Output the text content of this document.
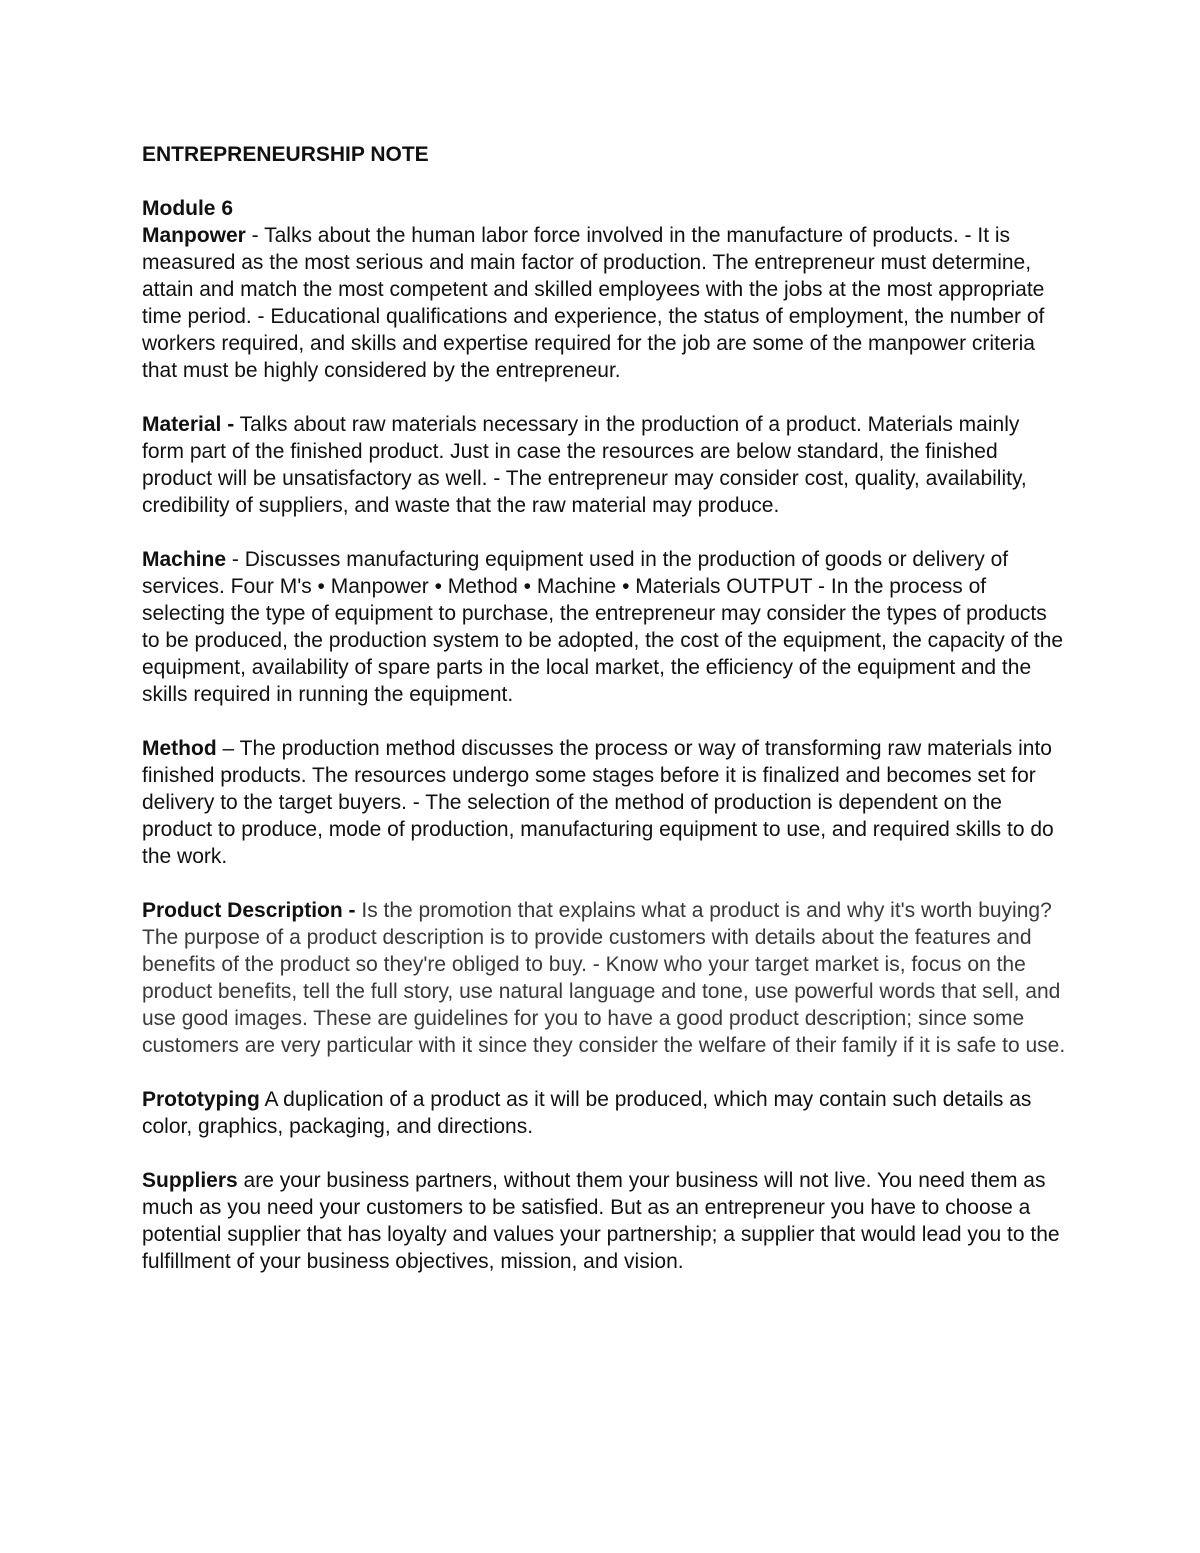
ENTREPRENEURSHIP NOTE
Module 6

Manpower - Talks about the human labor force involved in the manufacture of products. - It is measured as the most serious and main factor of production. The entrepreneur must determine, attain and match the most competent and skilled employees with the jobs at the most appropriate time period. - Educational qualifications and experience, the status of employment, the number of workers required, and skills and expertise required for the job are some of the manpower criteria that must be highly considered by the entrepreneur.

Material - Talks about raw materials necessary in the production of a product. Materials mainly form part of the finished product. Just in case the resources are below standard, the finished product will be unsatisfactory as well. - The entrepreneur may consider cost, quality, availability, credibility of suppliers, and waste that the raw material may produce.

Machine - Discusses manufacturing equipment used in the production of goods or delivery of services. Four M's • Manpower • Method • Machine • Materials OUTPUT - In the process of selecting the type of equipment to purchase, the entrepreneur may consider the types of products to be produced, the production system to be adopted, the cost of the equipment, the capacity of the equipment, availability of spare parts in the local market, the efficiency of the equipment and the skills required in running the equipment.

Method – The production method discusses the process or way of transforming raw materials into finished products. The resources undergo some stages before it is finalized and becomes set for delivery to the target buyers. - The selection of the method of production is dependent on the product to produce, mode of production, manufacturing equipment to use, and required skills to do the work.

Product Description - Is the promotion that explains what a product is and why it's worth buying? The purpose of a product description is to provide customers with details about the features and benefits of the product so they're obliged to buy. - Know who your target market is, focus on the product benefits, tell the full story, use natural language and tone, use powerful words that sell, and use good images. These are guidelines for you to have a good product description; since some customers are very particular with it since they consider the welfare of their family if it is safe to use.

Prototyping A duplication of a product as it will be produced, which may contain such details as color, graphics, packaging, and directions.

Suppliers are your business partners, without them your business will not live. You need them as much as you need your customers to be satisfied. But as an entrepreneur you have to choose a potential supplier that has loyalty and values your partnership; a supplier that would lead you to the fulfillment of your business objectives, mission, and vision.
